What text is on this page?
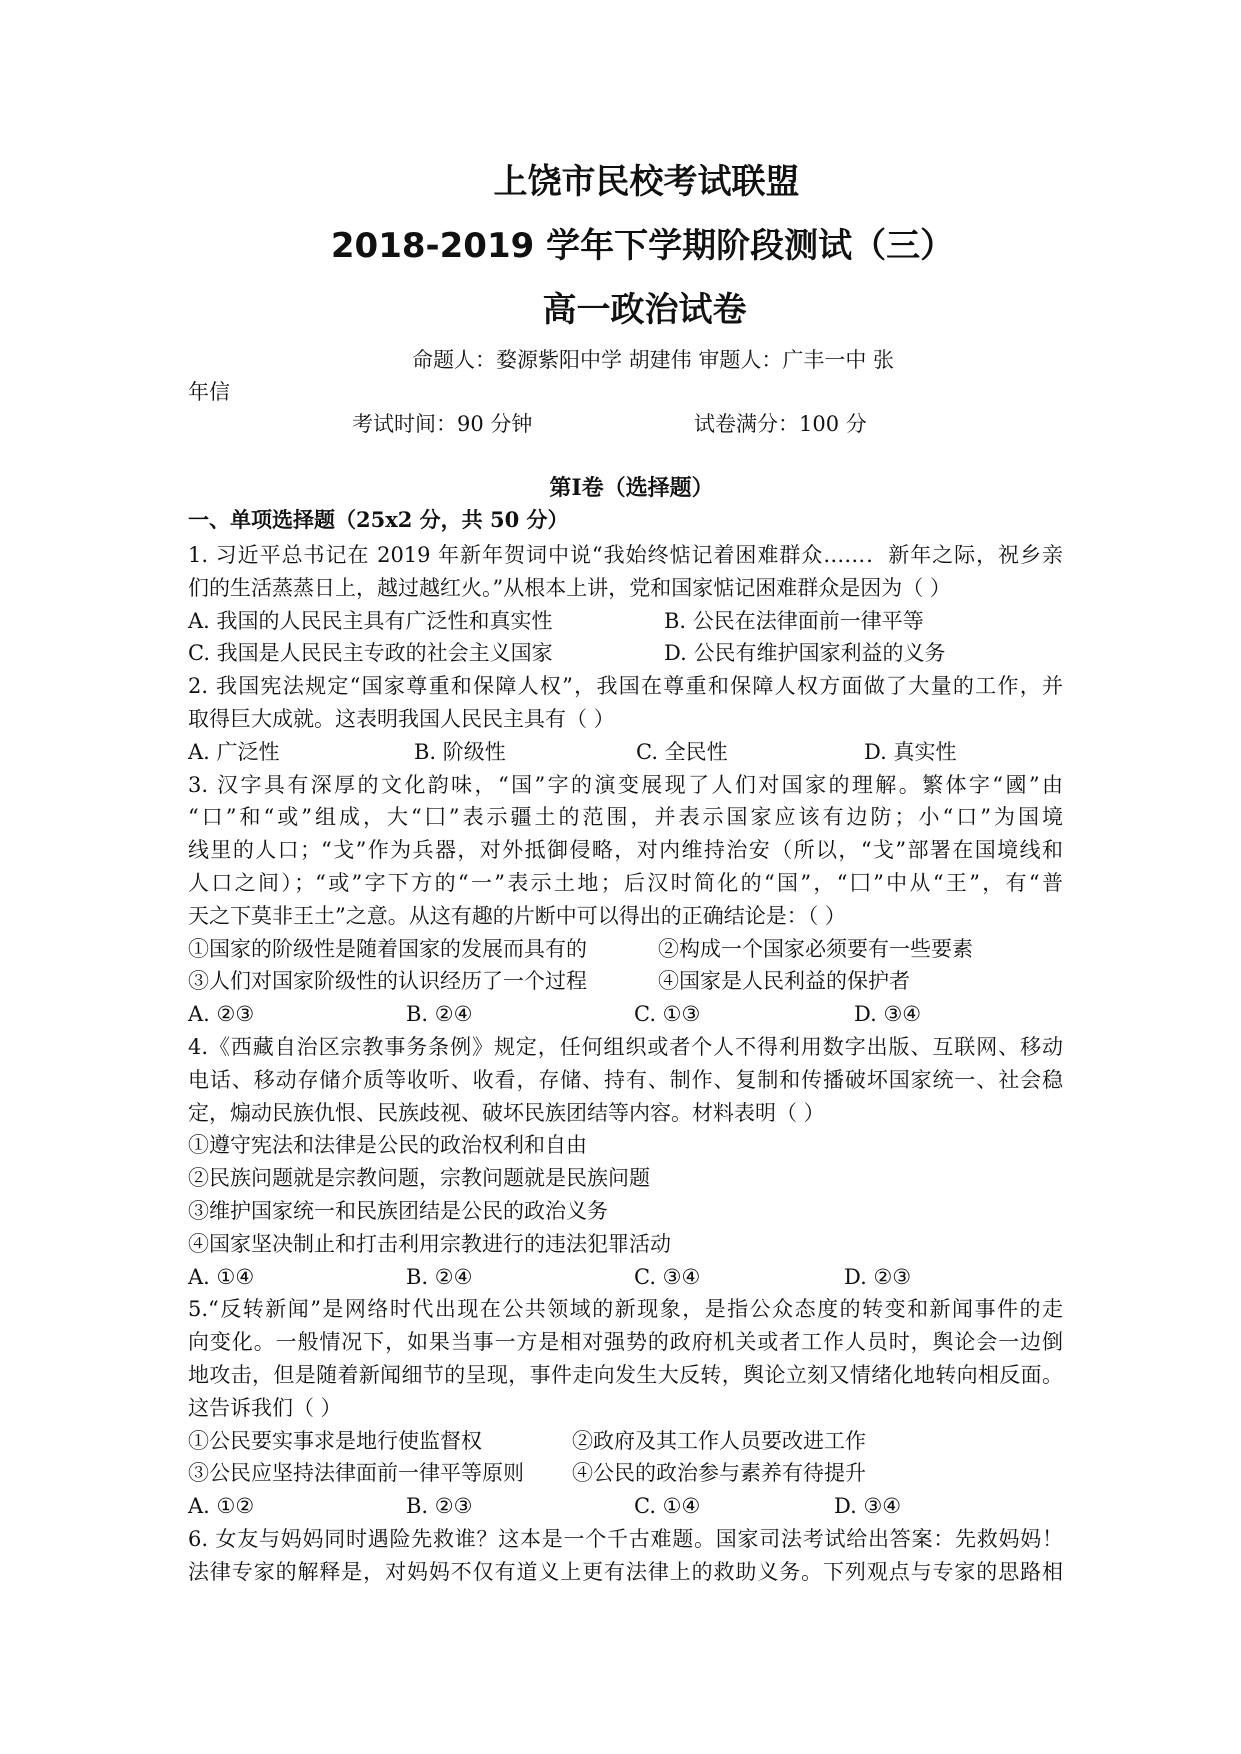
上饶市民校考试联盟
2018-2019 学年下学期阶段测试（三）
高一政治试卷
命题人：婺源紫阳中学 胡建伟 审题人：广丰一中 张
年信
考试时间：90 分钟	试卷满分：100 分
第Ⅰ卷（选择题）
一、单项选择题（25x2 分，共 50 分）
1. 习近平总书记在 2019 年新年贺词中说“我始终惦记着困难群众……．新年之际，祝乡亲
们的生活蒸蒸日上，越过越红火。”从根本上讲，党和国家惦记困难群众是因为（ ）
A. 我国的人民民主具有广泛性和真实性	B. 公民在法律面前一律平等
C. 我国是人民民主专政的社会主义国家	D. 公民有维护国家利益的义务
2. 我国宪法规定“国家尊重和保障人权”，我国在尊重和保障人权方面做了大量的工作，并
取得巨大成就。这表明我国人民民主具有（ ）
A. 广泛性	B. 阶级性	C. 全民性	D. 真实性
3. 汉字具有深厚的文化韵味，“国”字的演变展现了人们对国家的理解。繁体字“國”由
“口”和“或”组成，大“囗”表示疆土的范围，并表示国家应该有边防；小“口”为国境
线里的人口；“戈”作为兵器，对外抵御侵略，对内维持治安（所以，“戈”部署在国境线和
人口之间）；“或”字下方的“一”表示土地；后汉时简化的“国”，“囗”中从“王”，有“普
天之下莫非王土”之意。从这有趣的片断中可以得出的正确结论是：（ ）
①国家的阶级性是随着国家的发展而具有的	②构成一个国家必须要有一些要素
③人们对国家阶级性的认识经历了一个过程	④国家是人民利益的保护者
A. ②③	B. ②④	C. ①③	D. ③④
4.《西藏自治区宗教事务条例》规定，任何组织或者个人不得利用数字出版、互联网、移动
电话、移动存储介质等收听、收看，存储、持有、制作、复制和传播破坏国家统一、社会稳
定，煽动民族仇恨、民族歧视、破坏民族团结等内容。材料表明（ ）
①遵守宪法和法律是公民的政治权利和自由
②民族问题就是宗教问题，宗教问题就是民族问题
③维护国家统一和民族团结是公民的政治义务
④国家坚决制止和打击利用宗教进行的违法犯罪活动
A. ①④	B. ②④	C. ③④	D. ②③
5.“反转新闻”是网络时代出现在公共领域的新现象，是指公众态度的转变和新闻事件的走
向变化。一般情况下，如果当事一方是相对强势的政府机关或者工作人员时，舆论会一边倒
地攻击，但是随着新闻细节的呈现，事件走向发生大反转，舆论立刻又情绪化地转向相反面。
这告诉我们（ ）
①公民要实事求是地行使监督权	②政府及其工作人员要改进工作
③公民应坚持法律面前一律平等原则 ④公民的政治参与素养有待提升
A. ①②	B. ②③	C. ①④	D. ③④
6. 女友与妈妈同时遇险先救谁？这本是一个千古难题。国家司法考试给出答案：先救妈妈！
法律专家的解释是，对妈妈不仅有道义上更有法律上的救助义务。下列观点与专家的思路相
